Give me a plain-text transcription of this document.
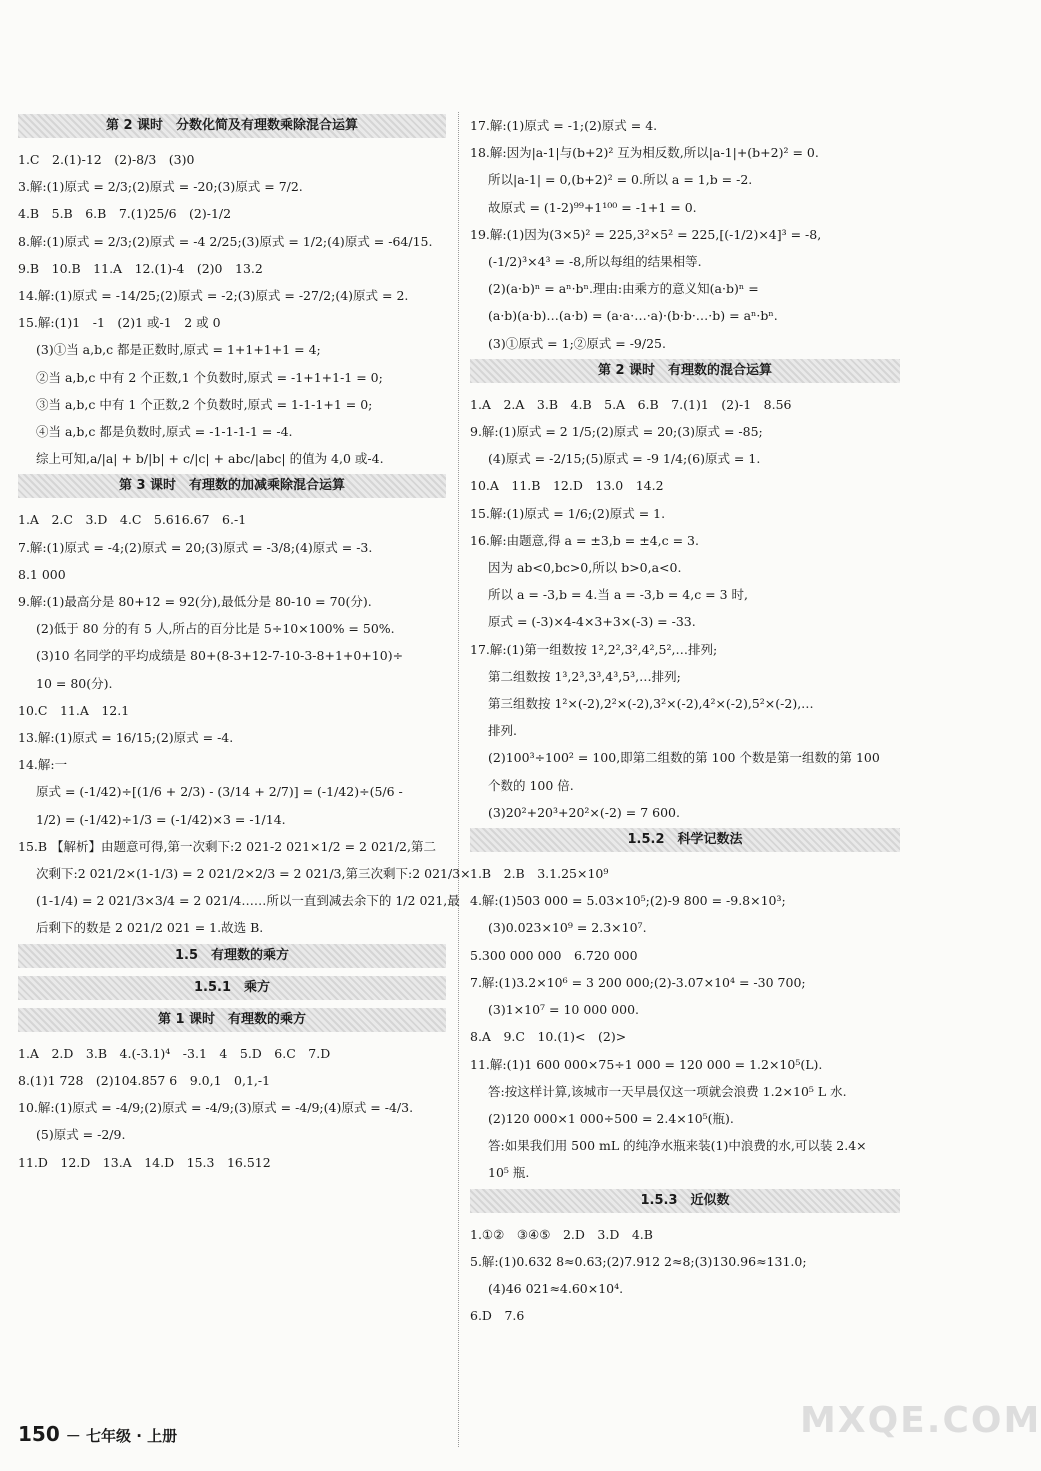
第 2 课时　分数化简及有理数乘除混合运算
1.C　2.(1)-12　(2)-8/3　(3)0
3.解:(1)原式 = 2/3;(2)原式 = -20;(3)原式 = 7/2.
4.B　5.B　6.B　7.(1)25/6　(2)-1/2
8.解:(1)原式 = 2/3;(2)原式 = -4 2/25;(3)原式 = 1/2;(4)原式 = -64/15.
9.B　10.B　11.A　12.(1)-4　(2)0　13.2
14.解:(1)原式 = -14/25;(2)原式 = -2;(3)原式 = -27/2;(4)原式 = 2.
15.解:(1)1　-1　(2)1 或-1　2 或 0
(3)①当 a,b,c 都是正数时,原式 = 1+1+1+1 = 4;
②当 a,b,c 中有 2 个正数,1 个负数时,原式 = -1+1+1-1 = 0;
③当 a,b,c 中有 1 个正数,2 个负数时,原式 = 1-1-1+1 = 0;
④当 a,b,c 都是负数时,原式 = -1-1-1-1 = -4.
综上可知,a/|a| + b/|b| + c/|c| + abc/|abc| 的值为 4,0 或-4.
第 3 课时　有理数的加减乘除混合运算
1.A　2.C　3.D　4.C　5.616.67　6.-1
7.解:(1)原式 = -4;(2)原式 = 20;(3)原式 = -3/8;(4)原式 = -3.
8.1 000
9.解:(1)最高分是 80+12 = 92(分),最低分是 80-10 = 70(分).
(2)低于 80 分的有 5 人,所占的百分比是 5÷10×100% = 50%.
(3)10 名同学的平均成绩是 80+(8-3+12-7-10-3-8+1+0+10)÷
10 = 80(分).
10.C　11.A　12.1
13.解:(1)原式 = 16/15;(2)原式 = -4.
14.解:一
原式 = (-1/42)÷[(1/6 + 2/3) - (3/14 + 2/7)] = (-1/42)÷(5/6 -
1/2) = (-1/42)÷1/3 = (-1/42)×3 = -1/14.
15.B 【解析】由题意可得,第一次剩下:2 021-2 021×1/2 = 2 021/2,第二
次剩下:2 021/2×(1-1/3) = 2 021/2×2/3 = 2 021/3,第三次剩下:2 021/3×
(1-1/4) = 2 021/3×3/4 = 2 021/4……所以一直到减去余下的 1/2 021,最
后剩下的数是 2 021/2 021 = 1.故选 B.
1.5　有理数的乘方
1.5.1　乘方
第 1 课时　有理数的乘方
1.A　2.D　3.B　4.(-3.1)⁴　-3.1　4　5.D　6.C　7.D
8.(1)1 728　(2)104.857 6　9.0,1　0,1,-1
10.解:(1)原式 = -4/9;(2)原式 = -4/9;(3)原式 = -4/9;(4)原式 = -4/3.
(5)原式 = -2/9.
11.D　12.D　13.A　14.D　15.3　16.512
17.解:(1)原式 = -1;(2)原式 = 4.
18.解:因为|a-1|与(b+2)² 互为相反数,所以|a-1|+(b+2)² = 0.
所以|a-1| = 0,(b+2)² = 0.所以 a = 1,b = -2.
故原式 = (1-2)⁹⁹+1¹⁰⁰ = -1+1 = 0.
19.解:(1)因为(3×5)² = 225,3²×5² = 225,[(-1/2)×4]³ = -8,
(-1/2)³×4³ = -8,所以每组的结果相等.
(2)(a·b)ⁿ = aⁿ·bⁿ.理由:由乘方的意义知(a·b)ⁿ =
(a·b)(a·b)…(a·b) = (a·a·…·a)·(b·b·…·b) = aⁿ·bⁿ.
(3)①原式 = 1;②原式 = -9/25.
第 2 课时　有理数的混合运算
1.A　2.A　3.B　4.B　5.A　6.B　7.(1)1　(2)-1　8.56
9.解:(1)原式 = 2 1/5;(2)原式 = 20;(3)原式 = -85;
(4)原式 = -2/15;(5)原式 = -9 1/4;(6)原式 = 1.
10.A　11.B　12.D　13.0　14.2
15.解:(1)原式 = 1/6;(2)原式 = 1.
16.解:由题意,得 a = ±3,b = ±4,c = 3.
因为 ab<0,bc>0,所以 b>0,a<0.
所以 a = -3,b = 4.当 a = -3,b = 4,c = 3 时,
原式 = (-3)×4-4×3+3×(-3) = -33.
17.解:(1)第一组数按 1²,2²,3²,4²,5²,…排列;
第二组数按 1³,2³,3³,4³,5³,…排列;
第三组数按 1²×(-2),2²×(-2),3²×(-2),4²×(-2),5²×(-2),…
排列.
(2)100³÷100² = 100,即第二组数的第 100 个数是第一组数的第 100
个数的 100 倍.
(3)20²+20³+20²×(-2) = 7 600.
1.5.2　科学记数法
1.B　2.B　3.1.25×10⁹
4.解:(1)503 000 = 5.03×10⁵;(2)-9 800 = -9.8×10³;
(3)0.023×10⁹ = 2.3×10⁷.
5.300 000 000　6.720 000
7.解:(1)3.2×10⁶ = 3 200 000;(2)-3.07×10⁴ = -30 700;
(3)1×10⁷ = 10 000 000.
8.A　9.C　10.(1)<　(2)>
11.解:(1)1 600 000×75÷1 000 = 120 000 = 1.2×10⁵(L).
答:按这样计算,该城市一天早晨仅这一项就会浪费 1.2×10⁵ L 水.
(2)120 000×1 000÷500 = 2.4×10⁵(瓶).
答:如果我们用 500 mL 的纯净水瓶来装(1)中浪费的水,可以装 2.4×
10⁵ 瓶.
1.5.3　近似数
1.①②　③④⑤　2.D　3.D　4.B
5.解:(1)0.632 8≈0.63;(2)7.912 2≈8;(3)130.96≈131.0;
(4)46 021≈4.60×10⁴.
6.D　7.6
150 － 七年级 · 上册	MXQE.COM
